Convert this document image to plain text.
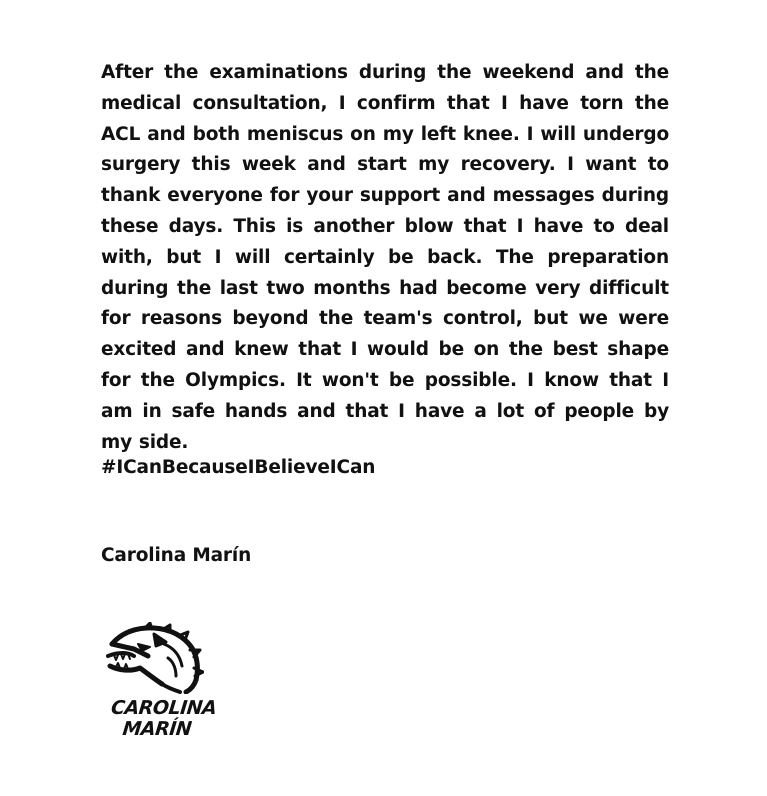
After the examinations during the weekend and the medical consultation, I confirm that I have torn the ACL and both meniscus on my left knee. I will undergo surgery this week and start my recovery. I want to thank everyone for your support and messages during these days. This is another blow that I have to deal with, but I will certainly be back. The preparation during the last two months had become very difficult for reasons beyond the team's control, but we were excited and knew that I would be on the best shape for the Olympics. It won't be possible. I know that I am in safe hands and that I have a lot of people by my side.

#ICanBecauseIBelieveICan

Carolina Marín

CAROLINA
MARÍN
